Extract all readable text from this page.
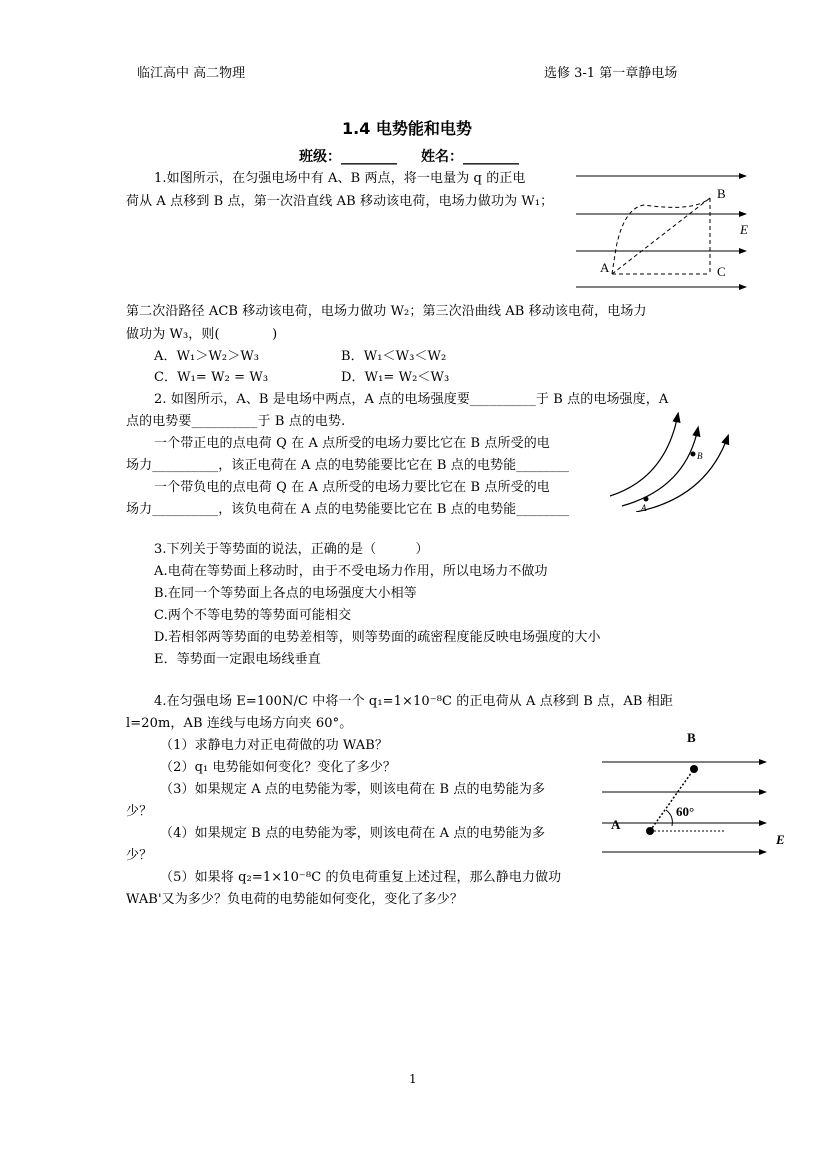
临江高中 高二物理	选修 3-1 第一章静电场
1.4 电势能和电势
班级：________ 姓名：________
1.如图所示，在匀强电场中有 A、B 两点，将一电量为 q 的正电
荷从 A 点移到 B 点，第一次沿直线 AB 移动该电荷，电场力做功为 W₁；
第二次沿路径 ACB 移动该电荷，电场力做功 W₂；第三次沿曲线 AB 移动该电荷，电场力
做功为 W₃，则(　　　　)
A．W₁＞W₂＞W₃	B．W₁＜W₃＜W₂
C．W₁= W₂ = W₃	D．W₁= W₂＜W₃
B
A	C
E
2. 如图所示，A、B 是电场中两点，A 点的电场强度要__________于 B 点的电场强度，A
点的电势要__________于 B 点的电势.
一个带正电的点电荷 Q 在 A 点所受的电场力要比它在 B 点所受的电
场力__________，该正电荷在 A 点的电势能要比它在 B 点的电势能________
一个带负电的点电荷 Q 在 A 点所受的电场力要比它在 B 点所受的电
场力__________，该负电荷在 A 点的电势能要比它在 B 点的电势能________	A
B
3.下列关于等势面的说法，正确的是（　　　）
A.电荷在等势面上移动时，由于不受电场力作用，所以电场力不做功
B.在同一个等势面上各点的电场强度大小相等
C.两个不等电势的等势面可能相交
D.若相邻两等势面的电势差相等，则等势面的疏密程度能反映电场强度的大小
E．等势面一定跟电场线垂直
4.在匀强电场 E=100N/C 中将一个 q₁=1×10⁻⁸C 的正电荷从 A 点移到 B 点，AB 相距
l=20m，AB 连线与电场方向夹 60°。
（1）求静电力对正电荷做的功 WAB？
（2）q₁ 电势能如何变化？变化了多少？
（3）如果规定 A 点的电势能为零，则该电荷在 B 点的电势能为多
少？
（4）如果规定 B 点的电势能为零，则该电荷在 A 点的电势能为多
少？
（5）如果将 q₂=1×10⁻⁸C 的负电荷重复上述过程，那么静电力做功
WAB'又为多少？负电荷的电势能如何变化，变化了多少？
B
A
60°
E
1
